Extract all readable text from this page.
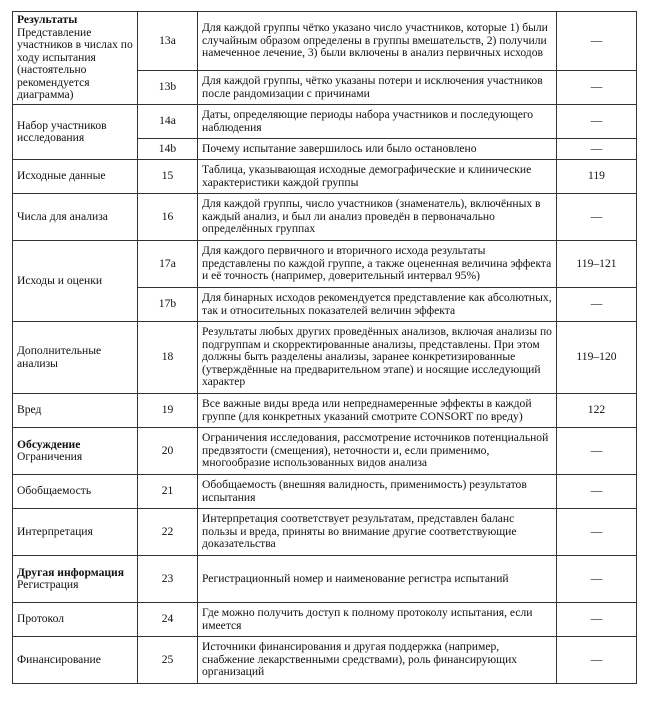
Результаты
Представление участников в числах по ходу испытания (настоятельно рекомендуется диаграмма)	13a	Для каждой группы чётко указано число участников, которые 1) были случайным образом определены в группы вмешательств, 2) получили намеченное лечение, 3) были включены в анализ первичных исходов	—
	13b	Для каждой группы, чётко указаны потери и исключения участников после рандомизации с причинами	—

Набор участников исследования	14a	Даты, определяющие периоды набора участников и последующего наблюдения	—
	14b	Почему испытание завершилось или было остановлено	—

Исходные данные	15	Таблица, указывающая исходные демографические и клинические характеристики каждой группы	119

Числа для анализа	16	Для каждой группы, число участников (знаменатель), включённых в каждый анализ, и был ли анализ проведён в первоначально определённых группах	—

Исходы и оценки	17a	Для каждого первичного и вторичного исхода результаты представлены по каждой группе, а также оцененная величина эффекта и её точность (например, доверительный интервал 95%)	119–121
	17b	Для бинарных исходов рекомендуется представление как абсолютных, так и относительных показателей величин эффекта	—

Дополнительные анализы	18	Результаты любых других проведённых анализов, включая анализы по подгруппам и скорректированные анализы, представлены. При этом должны быть разделены анализы, заранее конкретизированные (утверждённые на предварительном этапе) и носящие исследующий характер	119–120

Вред	19	Все важные виды вреда или непреднамеренные эффекты в каждой группе (для конкретных указаний смотрите CONSORT по вреду)	122

Обсуждение
Ограничения	20	Ограничения исследования, рассмотрение источников потенциальной предвзятости (смещения), неточности и, если применимо, многообразие использованных видов анализа	—

Обобщаемость	21	Обобщаемость (внешняя валидность, применимость) результатов испытания	—

Интерпретация	22	Интерпретация соответствует результатам, представлен баланс пользы и вреда, приняты во внимание другие соответствующие доказательства	—

Другая информация
Регистрация	23	Регистрационный номер и наименование регистра испытаний	—

Протокол	24	Где можно получить доступ к полному протоколу испытания, если имеется	—

Финансирование	25	Источники финансирования и другая поддержка (например, снабжение лекарственными средствами), роль финансирующих организаций	—
